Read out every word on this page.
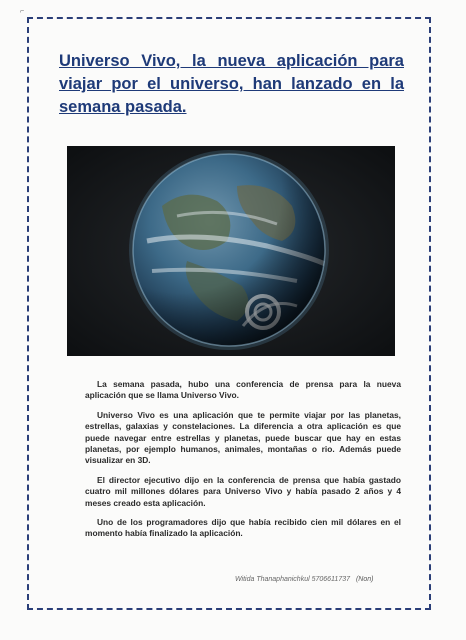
⌐
Universo Vivo, la nueva aplicación para viajar por el universo, han lanzado en la semana pasada.

La semana pasada, hubo una conferencia de prensa para la nueva aplicación que se llama Universo Vivo.

Universo Vivo es una aplicación que te permite viajar por las planetas, estrellas, galaxias y constelaciones. La diferencia a otra aplicación es que puede navegar entre estrellas y planetas, puede buscar que hay en estas planetas, por ejemplo humanos, animales, montañas o rio. Además puede visualizar en 3D.

El director ejecutivo dijo en la conferencia de prensa que había gastado cuatro mil millones dólares para Universo Vivo y había pasado 2 años y 4 meses creado esta aplicación.

Uno de los programadores dijo que había recibido cien mil dólares en el momento había finalizado la aplicación.

Witida Thanaphanichkul 5706611737 (Non)
